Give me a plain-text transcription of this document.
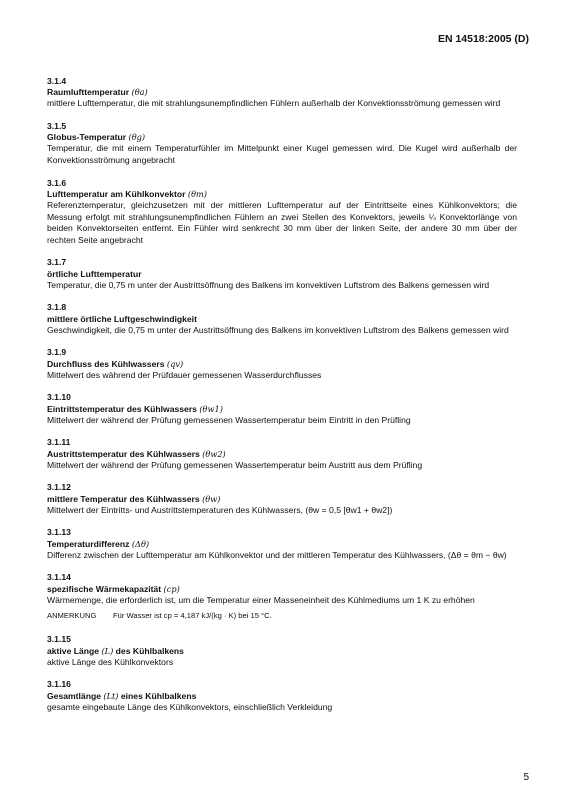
EN 14518:2005 (D)
3.1.4
Raumlufttemperatur (θa)
mittlere Lufttemperatur, die mit strahlungsunempfindlichen Fühlern außerhalb der Konvektionsströmung gemessen wird
3.1.5
Globus-Temperatur (θg)
Temperatur, die mit einem Temperaturfühler im Mittelpunkt einer Kugel gemessen wird. Die Kugel wird außerhalb der Konvektionsströmung angebracht
3.1.6
Lufttemperatur am Kühlkonvektor (θm)
Referenztemperatur, gleichzusetzen mit der mittleren Lufttemperatur auf der Eintrittseite eines Kühlkonvektors; die Messung erfolgt mit strahlungsunempfindlichen Fühlern an zwei Stellen des Konvektors, jeweils ¼ Konvektorlänge von beiden Konvektorseiten entfernt. Ein Fühler wird senkrecht 30 mm über der linken Seite, der andere 30 mm über der rechten Seite angebracht
3.1.7
örtliche Lufttemperatur
Temperatur, die 0,75 m unter der Austrittsöffnung des Balkens im konvektiven Luftstrom des Balkens gemessen wird
3.1.8
mittlere örtliche Luftgeschwindigkeit
Geschwindigkeit, die 0,75 m unter der Austrittsöffnung des Balkens im konvektiven Luftstrom des Balkens gemessen wird
3.1.9
Durchfluss des Kühlwassers (qv)
Mittelwert des während der Prüfdauer gemessenen Wasserdurchflusses
3.1.10
Eintrittstemperatur des Kühlwassers (θw1)
Mittelwert der während der Prüfung gemessenen Wassertemperatur beim Eintritt in den Prüfling
3.1.11
Austrittstemperatur des Kühlwassers (θw2)
Mittelwert der während der Prüfung gemessenen Wassertemperatur beim Austritt aus dem Prüfling
3.1.12
mittlere Temperatur des Kühlwassers (θw)
Mittelwert der Eintritts- und Austrittstemperaturen des Kühlwassers, (θw = 0,5 [θw1 + θw2])
3.1.13
Temperaturdifferenz (Δθ)
Differenz zwischen der Lufttemperatur am Kühlkonvektor und der mittleren Temperatur des Kühlwassers, (Δθ = θm − θw)
3.1.14
spezifische Wärmekapazität (cp)
Wärmemenge, die erforderlich ist, um die Temperatur einer Masseneinheit des Kühlmediums um 1 K zu erhöhen
ANMERKUNG Für Wasser ist cp = 4,187 kJ/(kg · K) bei 15 °C.
3.1.15
aktive Länge (L) des Kühlbalkens
aktive Länge des Kühlkonvektors
3.1.16
Gesamtlänge (Lt) eines Kühlbalkens
gesamte eingebaute Länge des Kühlkonvektors, einschließlich Verkleidung
5
